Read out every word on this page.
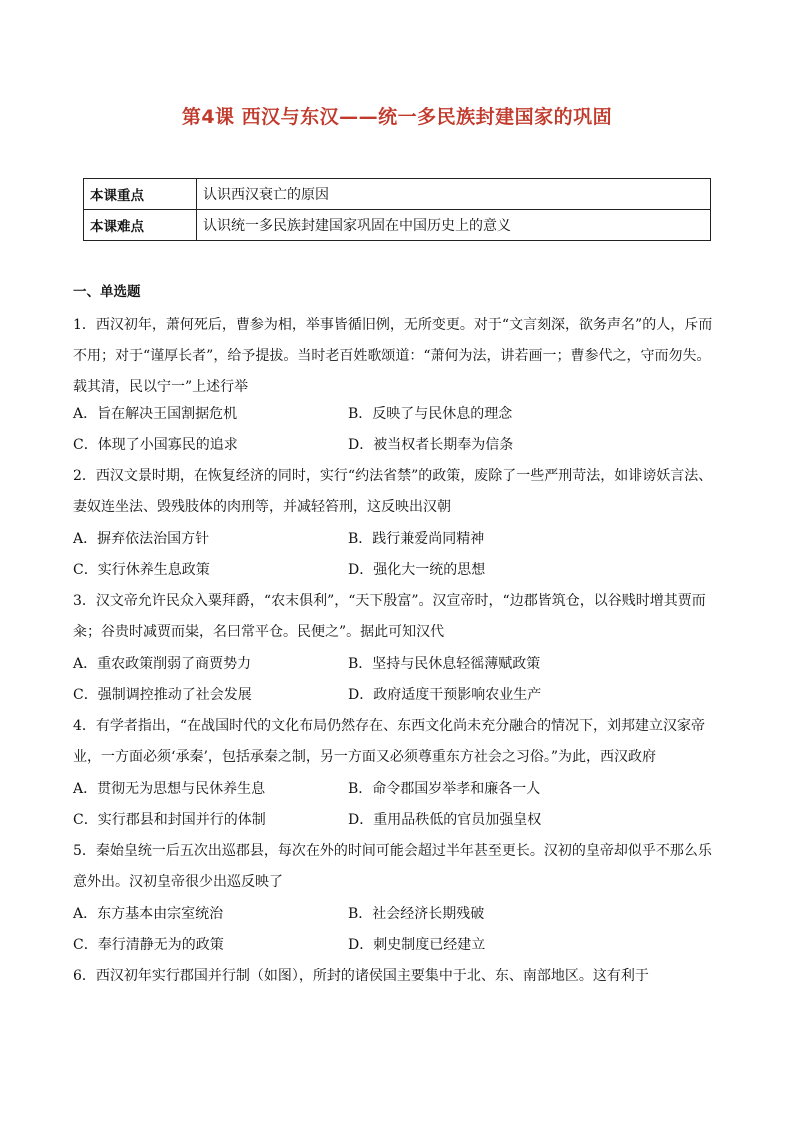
第4课 西汉与东汉——统一多民族封建国家的巩固
本课重点	认识西汉衰亡的原因
本课难点	认识统一多民族封建国家巩固在中国历史上的意义
一、单选题
1．西汉初年，萧何死后，曹参为相，举事皆循旧例，无所变更。对于“文言刻深，欲务声名”的人，斥而不用；对于“谨厚长者”，给予提拔。当时老百姓歌颂道：“萧何为法，讲若画一；曹参代之，守而勿失。载其清，民以宁一”上述行举
A．旨在解决王国割据危机	B．反映了与民休息的理念
C．体现了小国寡民的追求	D．被当权者长期奉为信条
2．西汉文景时期，在恢复经济的同时，实行“约法省禁”的政策，废除了一些严刑苛法，如诽谤妖言法、妻奴连坐法、毁残肢体的肉刑等，并减轻笞刑，这反映出汉朝
A．摒弃依法治国方针	B．践行兼爱尚同精神
C．实行休养生息政策	D．强化大一统的思想
3．汉文帝允许民众入粟拜爵，“农末俱利”，“天下殷富”。汉宣帝时，“边郡皆筑仓，以谷贱时增其贾而籴；谷贵时减贾而粜，名曰常平仓。民便之”。据此可知汉代
A．重农政策削弱了商贾势力	B．坚持与民休息轻徭薄赋政策
C．强制调控推动了社会发展	D．政府适度干预影响农业生产
4．有学者指出，“在战国时代的文化布局仍然存在、东西文化尚未充分融合的情况下，刘邦建立汉家帝业，一方面必须‘承秦’，包括承秦之制，另一方面又必须尊重东方社会之习俗。”为此，西汉政府
A．贯彻无为思想与民休养生息	B．命令郡国岁举孝和廉各一人
C．实行郡县和封国并行的体制	D．重用品秩低的官员加强皇权
5．秦始皇统一后五次出巡郡县，每次在外的时间可能会超过半年甚至更长。汉初的皇帝却似乎不那么乐意外出。汉初皇帝很少出巡反映了
A．东方基本由宗室统治	B．社会经济长期残破
C．奉行清静无为的政策	D．刺史制度已经建立
6．西汉初年实行郡国并行制（如图），所封的诸侯国主要集中于北、东、南部地区。这有利于
